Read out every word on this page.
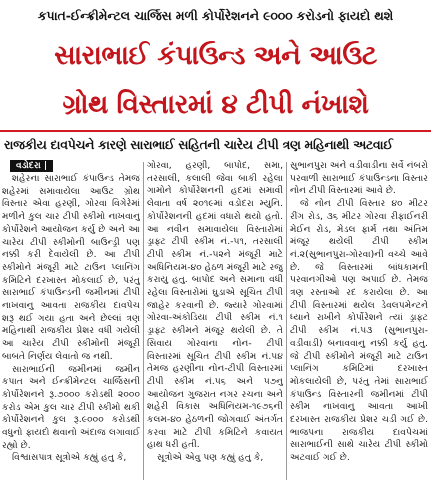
કપાત-ઈન્ક્રીમેન્ટલ ચાર્જિસ મળી કોર્પોરેશનને ૯૦૦૦ કરોડનો ફાયદો થશે
સારાભાઈ કંપાઉન્ડ અને આઉટ
ગ્રોથ વિસ્તારમાં ૪ ટીપી નંખાશે
રાજકીય દાવપેચને કારણે સારાભાઈ સહિતની ચારેય ટીપી ત્રણ મહિનાથી અટવાઈ
વડોદરા |

શહેરના સારાભાઈ કંપાઉન્ડ તેમજ શહેરમાં સમાવાયેલા આઉટ ગ્રોથ વિસ્તાર એવા હરણી, ગોરવા વિગેરેમાં મળીને કુલ ચાર ટીપી સ્કીમો નાખવાનુ કોર્પોરેશને આયોજન કર્યુ છે અને આ ચારેય ટીપી સ્કીમોની બાઉન્ડ્રી પણ નક્કી કરી દેવાયેલી છે. આ ટીપી સ્કીમોને મંજૂરી માટે ટાઉન પ્લાનિંગ કમિટિને દરખાસ્ત મોકલાઈ છે, પરંતુ સારાભાઈ કંપાઉન્ડની જમીનમાં ટીપી નાખવાનુ આવતા રાજકીય દાવપેચ શરૂ થઈ ગયા હતા અને છેલ્લાં ત્રણ મહિનાથી રાજકીય પ્રેશર વધી ગયેલી આ ચારેય ટીપી સ્કીમોની મંજૂરી બાબતે નિર્ણય લેવાતો જ નથી.

સારાભાઈની જમીનમાં જમીન કપાત અને ઈન્ક્રીમેન્ટલ ચાર્જિસની કોર્પોરેશનને રૂ.૭૦૦૦ કરોડથી ૨૦૦૦ કરોડ એમ કુલ ચાર ટીપી સ્કીમો થકી કોર્પોરેશનને કુલ રૂ.૯૦૦૦ કરોડથી વધુનો ફાયદો થવાનો અંદાજ લગાવાઈ રહ્યો છે.

વિશ્વાસપાત્ર સૂત્રોએ કહ્યું હતુ કે,

ગોરવા, હરણી, બાપોદ, સમા, તરસાલી, કલાલી જેવા બાકી રહેલા ગામોને કોર્પોરેશનની હદમાં સમાવી લેવાતા વર્ષ ૨૦૧૯માં વડોદરા મ્યુનિ. કોર્પોરેશનની હદમાં વધારો થયો હતો. આ નવીન સમાવાયેલા વિસ્તારોમાં ડ્રાફ્ટ ટીપી સ્કીમ નં.-૫૧, તરસાલી ટીપી સ્કીમ નં.-૫૨ને મંજૂરી માટે અધિનિયમ-૪૦ હેઠળ મંજૂરી માટે રજુ કરાયુ હતુ. બાપોદ અને સમાના વધી રહેલા વિસ્તારોમાં ઘુડાએ સૂચિત ટીપી જાહેર કરવાની છે. જ્યારે ગોરવામાં ગોરવા-અંકોડિયા ટીપી સ્કીમ નં.૧ ડ્રાફ્ટ સ્કીમને મંજૂર થયેલી છે. તે સિવાય ગોરવાના નોન- ટીપી વિસ્તારમાં સૂચિત ટીપી સ્કીમ નં.૫૪ તેમજ હરણીના નોન-ટીપી વિસ્તારમાં ટીપી સ્કીમ નં.૫૬ અને ૫૭નુ આયોજન ગુજરાત નગર રચના અને શહેરી વિકાસ અધિનિયમ-૧૯૭૬ની કલમ-૪૦ હેઠળની જોગવાઈ અંતર્ગત કરવા માટે ટીપી કમિટિને કવાયત હાથ ધરી હતી.

સૂત્રોએ એવુ પણ કહ્યું હતુ કે,

સુભાનપુરા અને વડીવાડીના સર્વે નંબરો પરવાળી સારાભાઈ કંપાઉન્ડના વિસ્તાર નોન ટીપી વિસ્તારમાં આવે છે.

જે નોન ટીપી વિસ્તાર ૪૦ મીટર રીંગ રોડ, ૩૬ મીટર ગોરવા રીફાઈનરી મેઈન રોડ, મેડલ ફાર્મ તથા અંતિમ મંજૂર થયેલી ટીપી સ્કીમ નં.૨(સુભાનપુરા-ગોરવા)ની વચ્ચે આવે છે. જે વિસ્તારમાં બાંધકામની પરવાનગીઓ પણ અપાઈ છે. તેમજ ત્રણ રસ્તાઓ રદ કરાયેલા છે. આ ટીપી વિસ્તારમાં થયેલ ડેવલપમેન્ટને ધ્યાને રાખીને કોર્પોરેશને ત્યાં ડ્રાફ્ટ ટીપી સ્કીમ નં.૫૩ (સુભાનપુરા-વડીવાડી) બનાવવાનુ નક્કી કર્યુ હતુ. જે ટીપી સ્કીમોને મંજૂરી માટે ટાઉન પ્લાનિંગ કમિટિમાં દરખાસ્ત મોકલાયેલી છે, પરંતુ તેમાં સારાભાઈ કંપાઉન્ડ વિસ્તારની જમીનમાં ટીપી સ્કીમ નાખવાનુ આવતા આખી દરખાસ્ત રાજકીય પ્રેશર ચડી ગઈ છે. ભાજપના રાજકીય દાવપેચમાં સારાભાઈની સાથે ચારેય ટીપી સ્કીમો અટવાઈ ગઈ છે.
